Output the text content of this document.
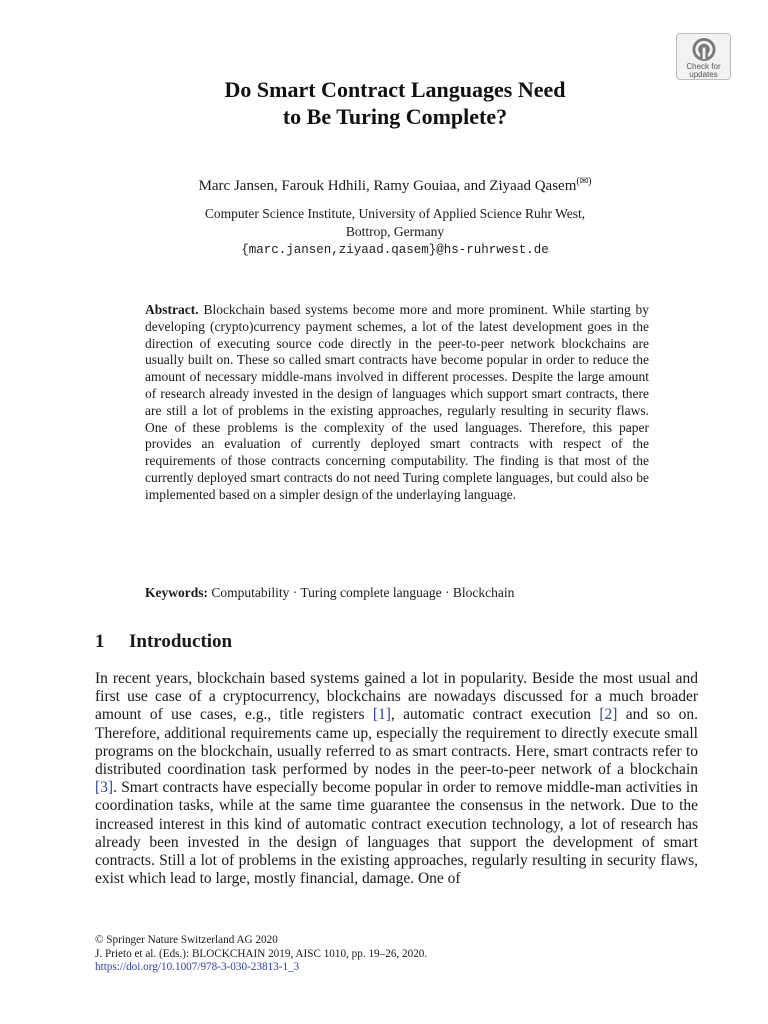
Check for
updates
Do Smart Contract Languages Need
to Be Turing Complete?
Marc Jansen, Farouk Hdhili, Ramy Gouiaa, and Ziyaad Qasem(✉)
Computer Science Institute, University of Applied Science Ruhr West,
Bottrop, Germany
{marc.jansen,ziyaad.qasem}@hs-ruhrwest.de
Abstract. Blockchain based systems become more and more prominent. While starting by developing (crypto)currency payment schemes, a lot of the latest development goes in the direction of executing source code directly in the peer-to-peer network blockchains are usually built on. These so called smart contracts have become popular in order to reduce the amount of necessary middle-mans involved in different processes. Despite the large amount of research already invested in the design of languages which support smart contracts, there are still a lot of problems in the existing approaches, regularly resulting in security flaws. One of these problems is the complexity of the used languages. Therefore, this paper provides an evaluation of currently deployed smart contracts with respect of the requirements of those contracts concerning computability. The finding is that most of the currently deployed smart contracts do not need Turing complete languages, but could also be implemented based on a simpler design of the underlaying language.
Keywords: Computability · Turing complete language · Blockchain
1 Introduction
In recent years, blockchain based systems gained a lot in popularity. Beside the most usual and first use case of a cryptocurrency, blockchains are nowadays discussed for a much broader amount of use cases, e.g., title registers [1], automatic contract execution [2] and so on. Therefore, additional requirements came up, especially the requirement to directly execute small programs on the blockchain, usually referred to as smart contracts. Here, smart contracts refer to distributed coordination task performed by nodes in the peer-to-peer network of a blockchain [3]. Smart contracts have especially become popular in order to remove middle-man activities in coordination tasks, while at the same time guarantee the consensus in the network. Due to the increased interest in this kind of automatic contract execution technology, a lot of research has already been invested in the design of languages that support the development of smart contracts. Still a lot of problems in the existing approaches, regularly resulting in security flaws, exist which lead to large, mostly financial, damage. One of
© Springer Nature Switzerland AG 2020
J. Prieto et al. (Eds.): BLOCKCHAIN 2019, AISC 1010, pp. 19–26, 2020.
https://doi.org/10.1007/978-3-030-23813-1_3
